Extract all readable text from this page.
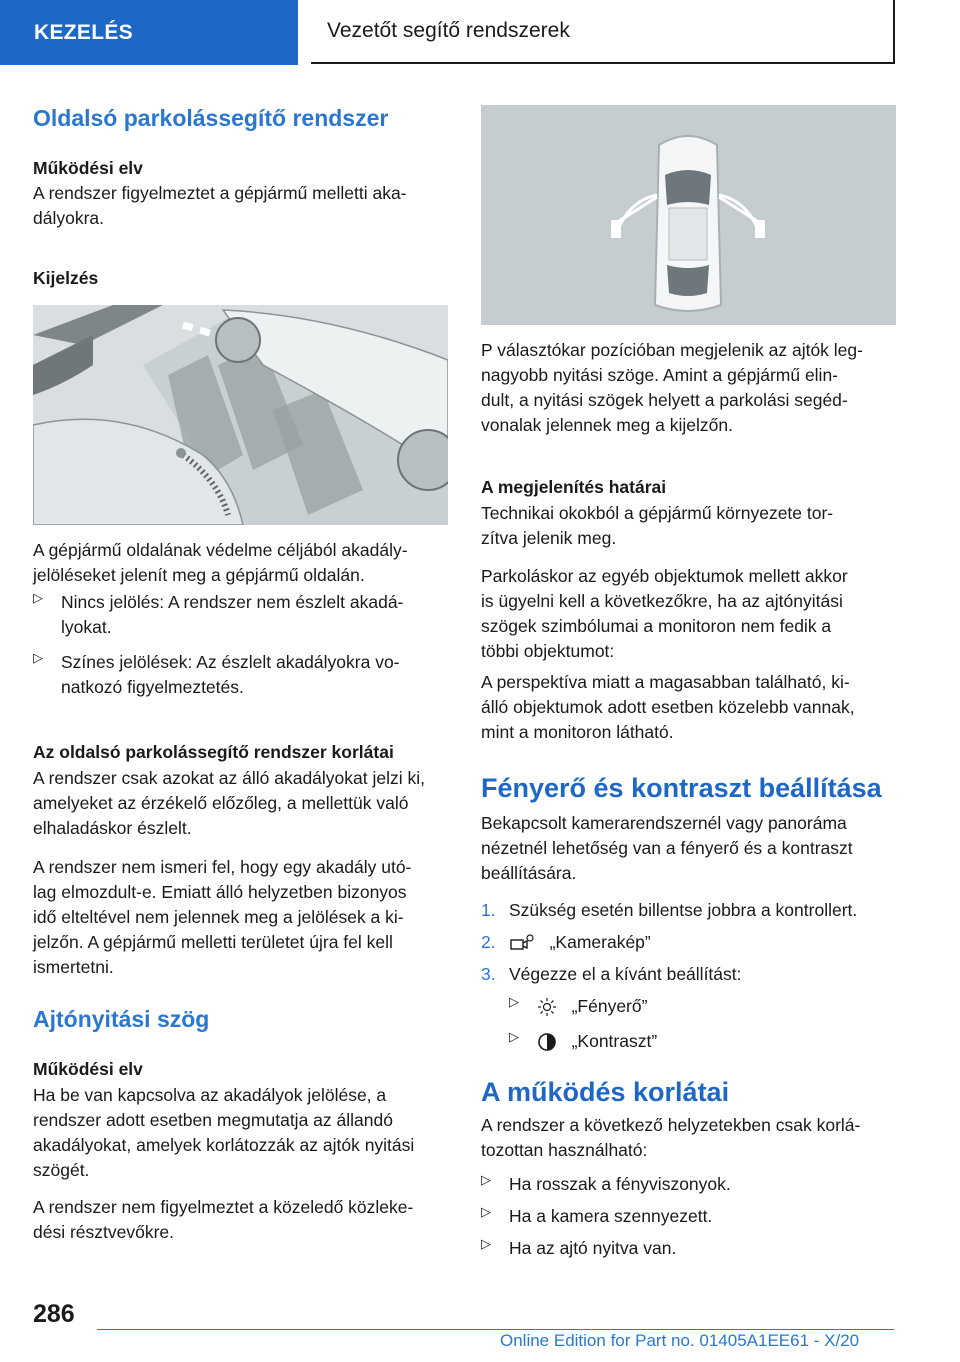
KEZELÉS	Vezetőt segítő rendszerek
Oldalsó parkolássegítő rendszer
Működési elv

A rendszer figyelmeztet a gépjármű melletti aka-

dályokra.

Kijelzés

A gépjármű oldalának védelme céljából akadály-

jelöléseket jelenít meg a gépjármű oldalán.

▷ Nincs jelölés: A rendszer nem észlelt akadá-

lyokat.

▷ Színes jelölések: Az észlelt akadályokra vo-

natkozó figyelmeztetés.

Az oldalsó parkolássegítő rendszer korlátai

A rendszer csak azokat az álló akadályokat jelzi ki,

amelyeket az érzékelő előzőleg, a mellettük való

elhaladáskor észlelt.

A rendszer nem ismeri fel, hogy egy akadály utó-

lag elmozdult-e. Emiatt álló helyzetben bizonyos

idő elteltével nem jelennek meg a jelölések a ki-

jelzőn. A gépjármű melletti területet újra fel kell

ismertetni.

Ajtónyitási szög
Működési elv

Ha be van kapcsolva az akadályok jelölése, a

rendszer adott esetben megmutatja az állandó

akadályokat, amelyek korlátozzák az ajtók nyitási

szögét.

A rendszer nem figyelmeztet a közeledő közleke-

dési résztvevőkre.

P választókar pozícióban megjelenik az ajtók leg-

nagyobb nyitási szöge. Amint a gépjármű elin-

dult, a nyitási szögek helyett a parkolási segéd-

vonalak jelennek meg a kijelzőn.

A megjelenítés határai

Technikai okokból a gépjármű környezete tor-

zítva jelenik meg.

Parkoláskor az egyéb objektumok mellett akkor

is ügyelni kell a következőkre, ha az ajtónyitási

szögek szimbólumai a monitoron nem fedik a

többi objektumot:

A perspektíva miatt a magasabban található, ki-

álló objektumok adott esetben közelebb vannak,

mint a monitoron látható.

Fényerő és kontraszt beállítása

Bekapcsolt kamerarendszernél vagy panoráma

nézetnél lehetőség van a fényerő és a kontraszt

beállítására.

1. Szükség esetén billentse jobbra a kontrollert.

2.	„Kamerakép”

3. Végezze el a kívánt beállítást:

▷	„Fényerő”

▷	„Kontraszt”

A működés korlátai

A rendszer a következő helyzetekben csak korlá-

tozottan használható:

▷ Ha rosszak a fényviszonyok.

▷ Ha a kamera szennyezett.

▷ Ha az ajtó nyitva van.

286
Online Edition for Part no. 01405A1EE61 - X/20
